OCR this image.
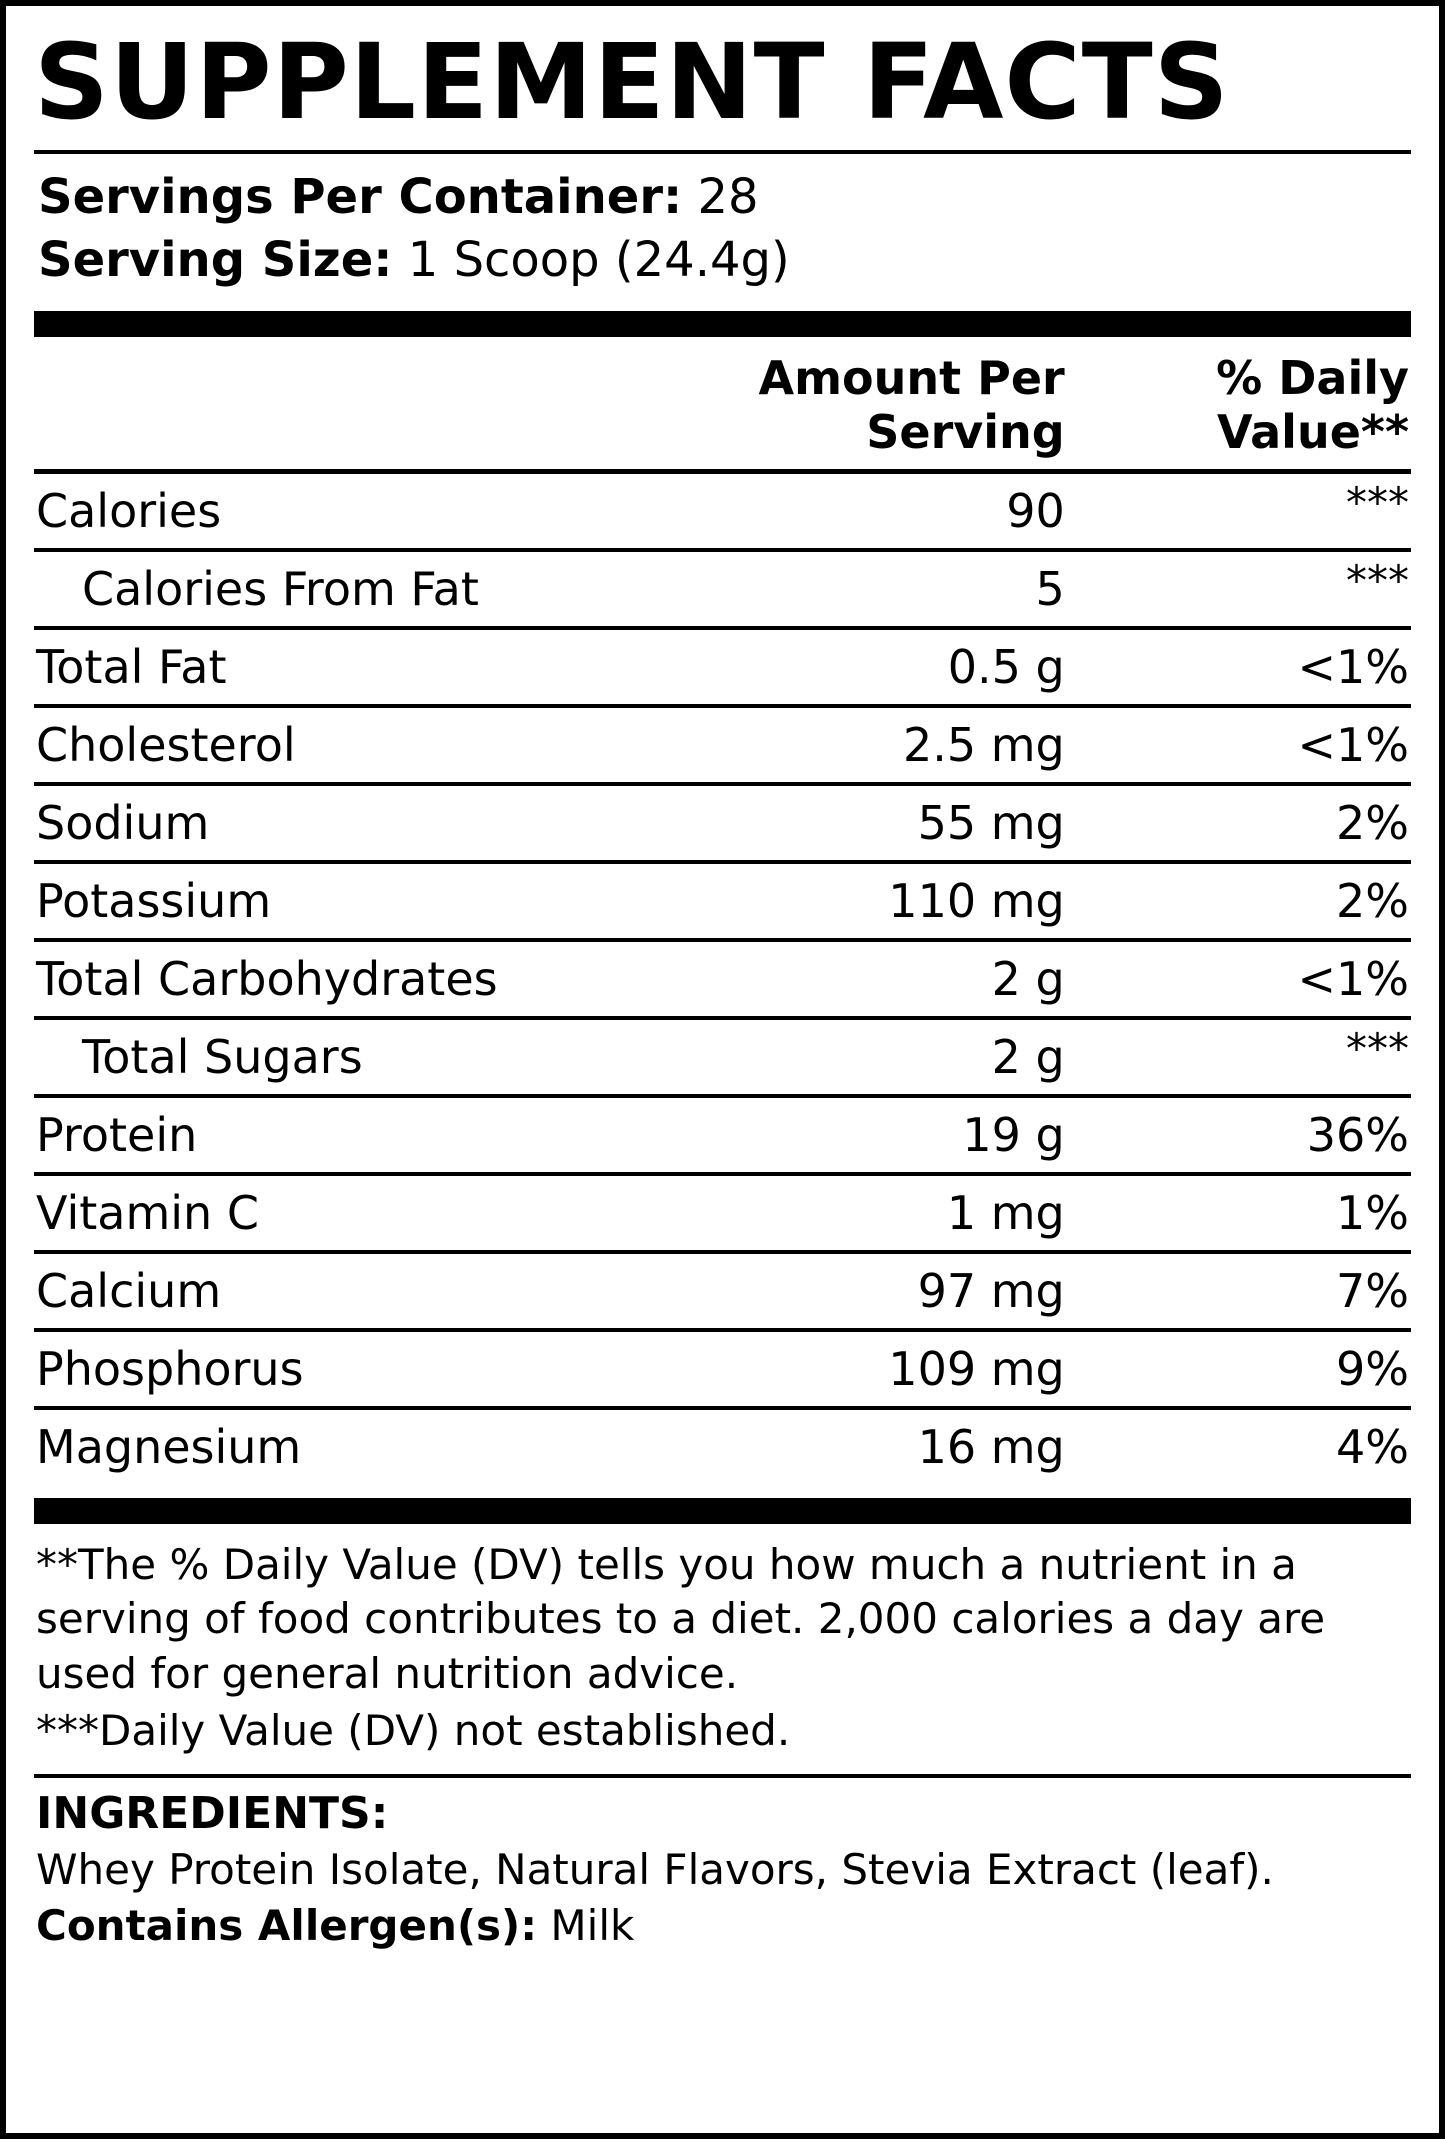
SUPPLEMENT FACTS
Servings Per Container: 28
Serving Size: 1 Scoop (24.4g)
	Amount Per Serving	% Daily Value**
Calories	90	***
Calories From Fat	5	***
Total Fat	0.5 g	<1%
Cholesterol	2.5 mg	<1%
Sodium	55 mg	2%
Potassium	110 mg	2%
Total Carbohydrates	2 g	<1%
Total Sugars	2 g	***
Protein	19 g	36%
Vitamin C	1 mg	1%
Calcium	97 mg	7%
Phosphorus	109 mg	9%
Magnesium	16 mg	4%

**The % Daily Value (DV) tells you how much a nutrient in a serving of food contributes to a diet. 2,000 calories a day are used for general nutrition advice.

***Daily Value (DV) not established.

INGREDIENTS:
Whey Protein Isolate, Natural Flavors, Stevia Extract (leaf).
Contains Allergen(s): Milk
